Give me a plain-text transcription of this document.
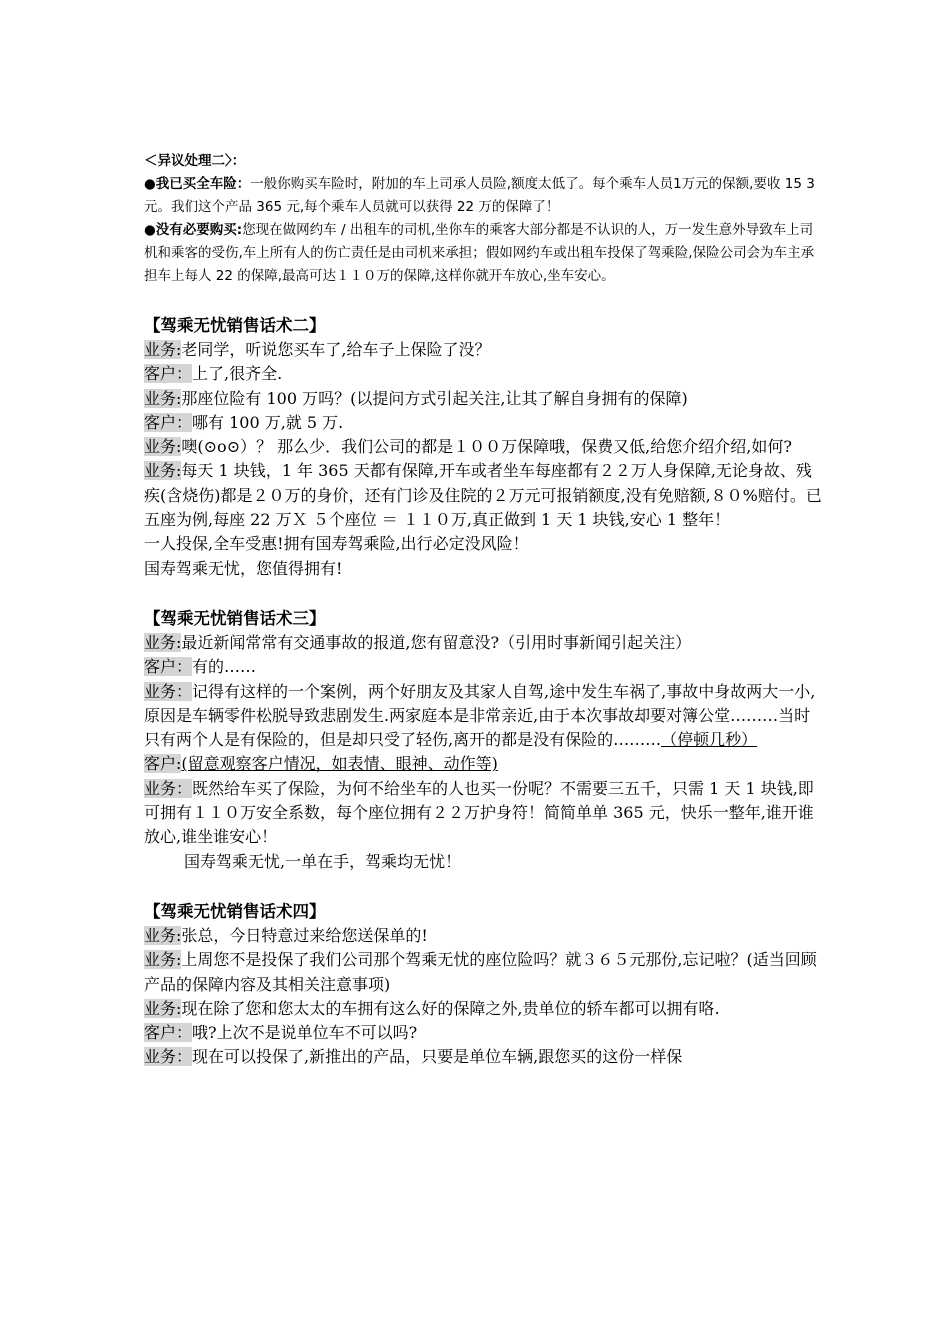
＜异议处理二〉：

●我已买全车险：一般你购买车险时，附加的车上司承人员险,额度太低了。每个乘车人员1万元的保额,要收 15 3 元。我们这个产品 365 元,每个乘车人员就可以获得 22 万的保障了！

●没有必要购买:您现在做网约车 / 出租车的司机,坐你车的乘客大部分都是不认识的人，万一发生意外导致车上司机和乘客的受伤,车上所有人的伤亡责任是由司机来承担；假如网约车或出租车投保了驾乘险,保险公司会为车主承担车上每人 22 的保障,最高可达１１０万的保障,这样你就开车放心,坐车安心。

【驾乘无忧销售话术二】

业务:老同学，听说您买车了,给车子上保险了没？

客户：上了,很齐全.

业务:那座位险有 100 万吗？(以提问方式引起关注,让其了解自身拥有的保障)

客户：哪有 100 万,就 5 万.

业务:噢(⊙o⊙）？ 那么少．我们公司的都是１００万保障哦，保费又低,给您介绍介绍,如何?

业务:每天 1 块钱，1 年 365 天都有保障,开车或者坐车每座都有２２万人身保障,无论身故、残疾(含烧伤)都是２０万的身价，还有门诊及住院的２万元可报销额度,没有免赔额,８０%赔付。已五座为例,每座 22 万Ｘ ５个座位 ＝ １１０万,真正做到 1 天 1 块钱,安心 1 整年！

一人投保,全车受惠!拥有国寿驾乘险,出行必定没风险！

国寿驾乘无忧，您值得拥有!

【驾乘无忧销售话术三】

业务:最近新闻常常有交通事故的报道,您有留意没?（引用时事新闻引起关注）

客户：有的……

业务：记得有这样的一个案例，两个好朋友及其家人自驾,途中发生车祸了,事故中身故两大一小,原因是车辆零件松脱导致悲剧发生.两家庭本是非常亲近,由于本次事故却要对簿公堂………当时只有两个人是有保险的，但是却只受了轻伤,离开的都是没有保险的………（停顿几秒）

客户:(留意观察客户情况，如表情、眼神、动作等)

业务：既然给车买了保险，为何不给坐车的人也买一份呢？不需要三五千，只需 1 天 1 块钱,即可拥有１１０万安全系数，每个座位拥有２２万护身符！简简单单 365 元，快乐一整年,谁开谁放心,谁坐谁安心！

国寿驾乘无忧,一单在手，驾乘均无忧！

【驾乘无忧销售话术四】

业务:张总，今日特意过来给您送保单的!

业务:上周您不是投保了我们公司那个驾乘无忧的座位险吗？就３６５元那份,忘记啦？(适当回顾产品的保障内容及其相关注意事项)

业务:现在除了您和您太太的车拥有这么好的保障之外,贵单位的轿车都可以拥有咯.

客户：哦?上次不是说单位车不可以吗?

业务：现在可以投保了,新推出的产品，只要是单位车辆,跟您买的这份一样保
